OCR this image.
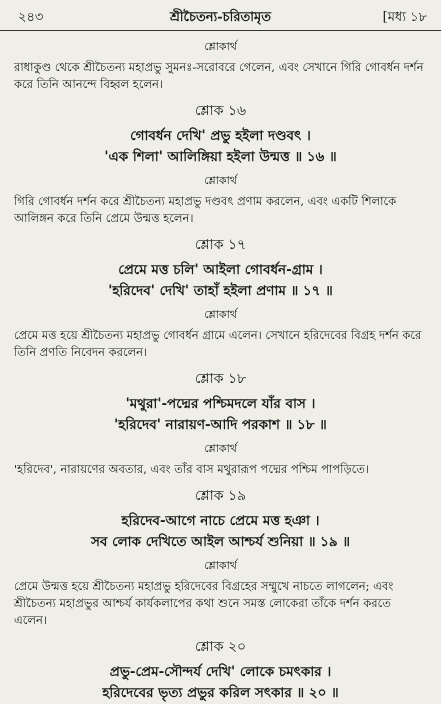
২৪৩	শ্রীচৈতন্য-চরিতামৃত	[মধ্য ১৮
শ্লোকার্থ

রাধাকুণ্ড থেকে শ্রীচৈতন্য মহাপ্রভু সুমনঃ-সরোবরে গেলেন, এবং সেখানে গিরি গোবর্ধন দর্শন করে তিনি আনন্দে বিহ্বল হলেন।

শ্লোক ১৬
গোবর্ধন দেখি' প্রভু হইলা দণ্ডবৎ ।
'এক শিলা' আলিঙ্গিয়া হইলা উন্মত্ত ॥ ১৬ ॥
শ্লোকার্থ

গিরি গোবর্ধন দর্শন করে শ্রীচৈতন্য মহাপ্রভু দণ্ডবৎ প্রণাম করলেন, এবং একটি শিলাকে আলিঙ্গন করে তিনি প্রেমে উন্মত্ত হলেন।

শ্লোক ১৭
প্রেমে মত্ত চলি' আইলা গোবর্ধন-গ্রাম ।
'হরিদেব' দেখি' তাহাঁ হইলা প্রণাম ॥ ১৭ ॥
শ্লোকার্থ

প্রেমে মত্ত হয়ে শ্রীচৈতন্য মহাপ্রভু গোবর্ধন গ্রামে এলেন। সেখানে হরিদেবের বিগ্রহ দর্শন করে তিনি প্রণতি নিবেদন করলেন।

শ্লোক ১৮
'মথুরা'-পদ্মের পশ্চিমদলে যাঁর বাস ।
'হরিদেব' নারায়ণ-আদি পরকাশ ॥ ১৮ ॥
শ্লোকার্থ

'হরিদেব', নারায়ণের অবতার, এবং তাঁর বাস মথুরারূপ পদ্মের পশ্চিম পাপড়িতে।

শ্লোক ১৯
হরিদেব-আগে নাচে প্রেমে মত্ত হঞা ।
সব লোক দেখিতে আইল আশ্চর্য শুনিয়া ॥ ১৯ ॥
শ্লোকার্থ

প্রেমে উন্মত্ত হয়ে শ্রীচৈতন্য মহাপ্রভু হরিদেবের বিগ্রহের সম্মুখে নাচতে লাগলেন; এবং শ্রীচৈতন্য মহাপ্রভুর আশ্চর্য কার্যকলাপের কথা শুনে সমস্ত লোকেরা তাঁকে দর্শন করতে এলেন।

শ্লোক ২০
প্রভু-প্রেম-সৌন্দর্য দেখি' লোকে চমৎকার ।
হরিদেবের ভৃত্য প্রভুর করিল সৎকার ॥ ২০ ॥
